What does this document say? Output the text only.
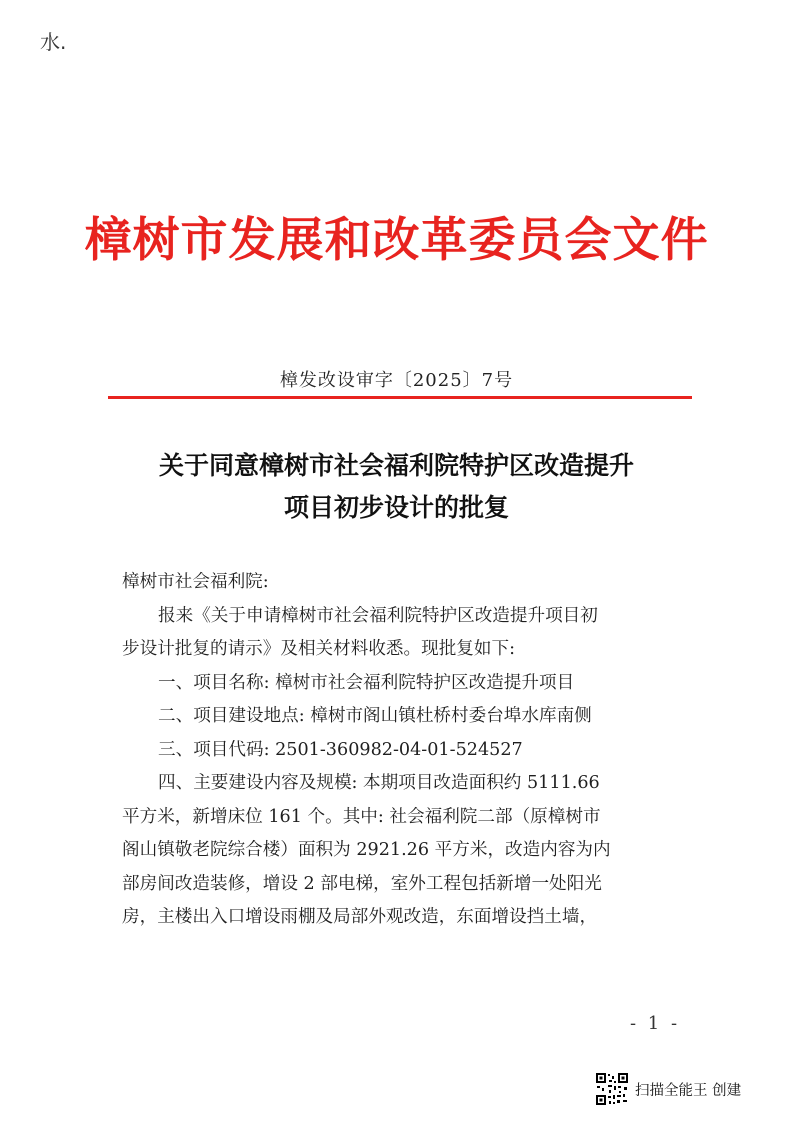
水.
樟树市发展和改革委员会文件
樟发改设审字〔2025〕7号
关于同意樟树市社会福利院特护区改造提升
项目初步设计的批复

樟树市社会福利院:

报来《关于申请樟树市社会福利院特护区改造提升项目初

步设计批复的请示》及相关材料收悉。现批复如下:

一、项目名称: 樟树市社会福利院特护区改造提升项目

二、项目建设地点: 樟树市阁山镇杜桥村委台埠水库南侧

三、项目代码: 2501-360982-04-01-524527

四、主要建设内容及规模: 本期项目改造面积约 5111.66

平方米，新增床位 161 个。其中: 社会福利院二部（原樟树市

阁山镇敬老院综合楼）面积为 2921.26 平方米，改造内容为内

部房间改造装修，增设 2 部电梯，室外工程包括新增一处阳光

房，主楼出入口增设雨棚及局部外观改造，东面增设挡土墙，

- 1 -
扫描全能王 创建
